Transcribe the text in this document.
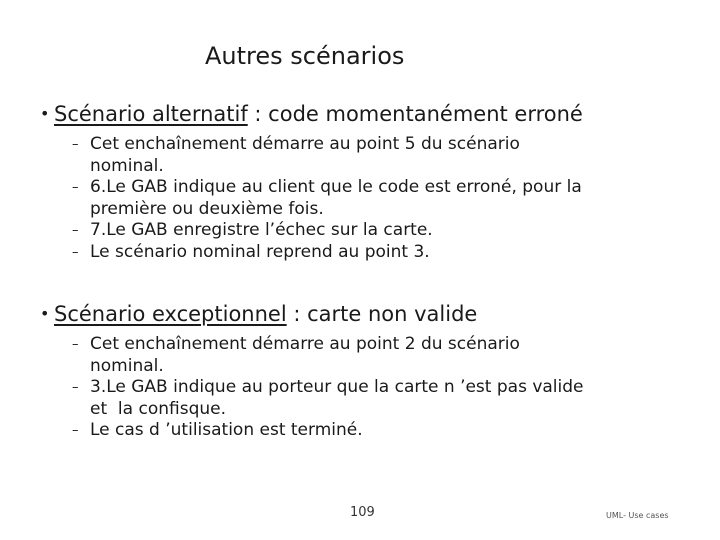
Autres scénarios
• Scénario alternatif : code momentanément erroné
– Cet enchaînement démarre au point 5 du scénario
nominal.
– 6.Le GAB indique au client que le code est erroné, pour la
première ou deuxième fois.
– 7.Le GAB enregistre l’échec sur la carte.
– Le scénario nominal reprend au point 3.
• Scénario exceptionnel : carte non valide
– Cet enchaînement démarre au point 2 du scénario
nominal.
– 3.Le GAB indique au porteur que la carte n ’est pas valide
et  la confisque.
– Le cas d ’utilisation est terminé.
109	UML- Use cases
